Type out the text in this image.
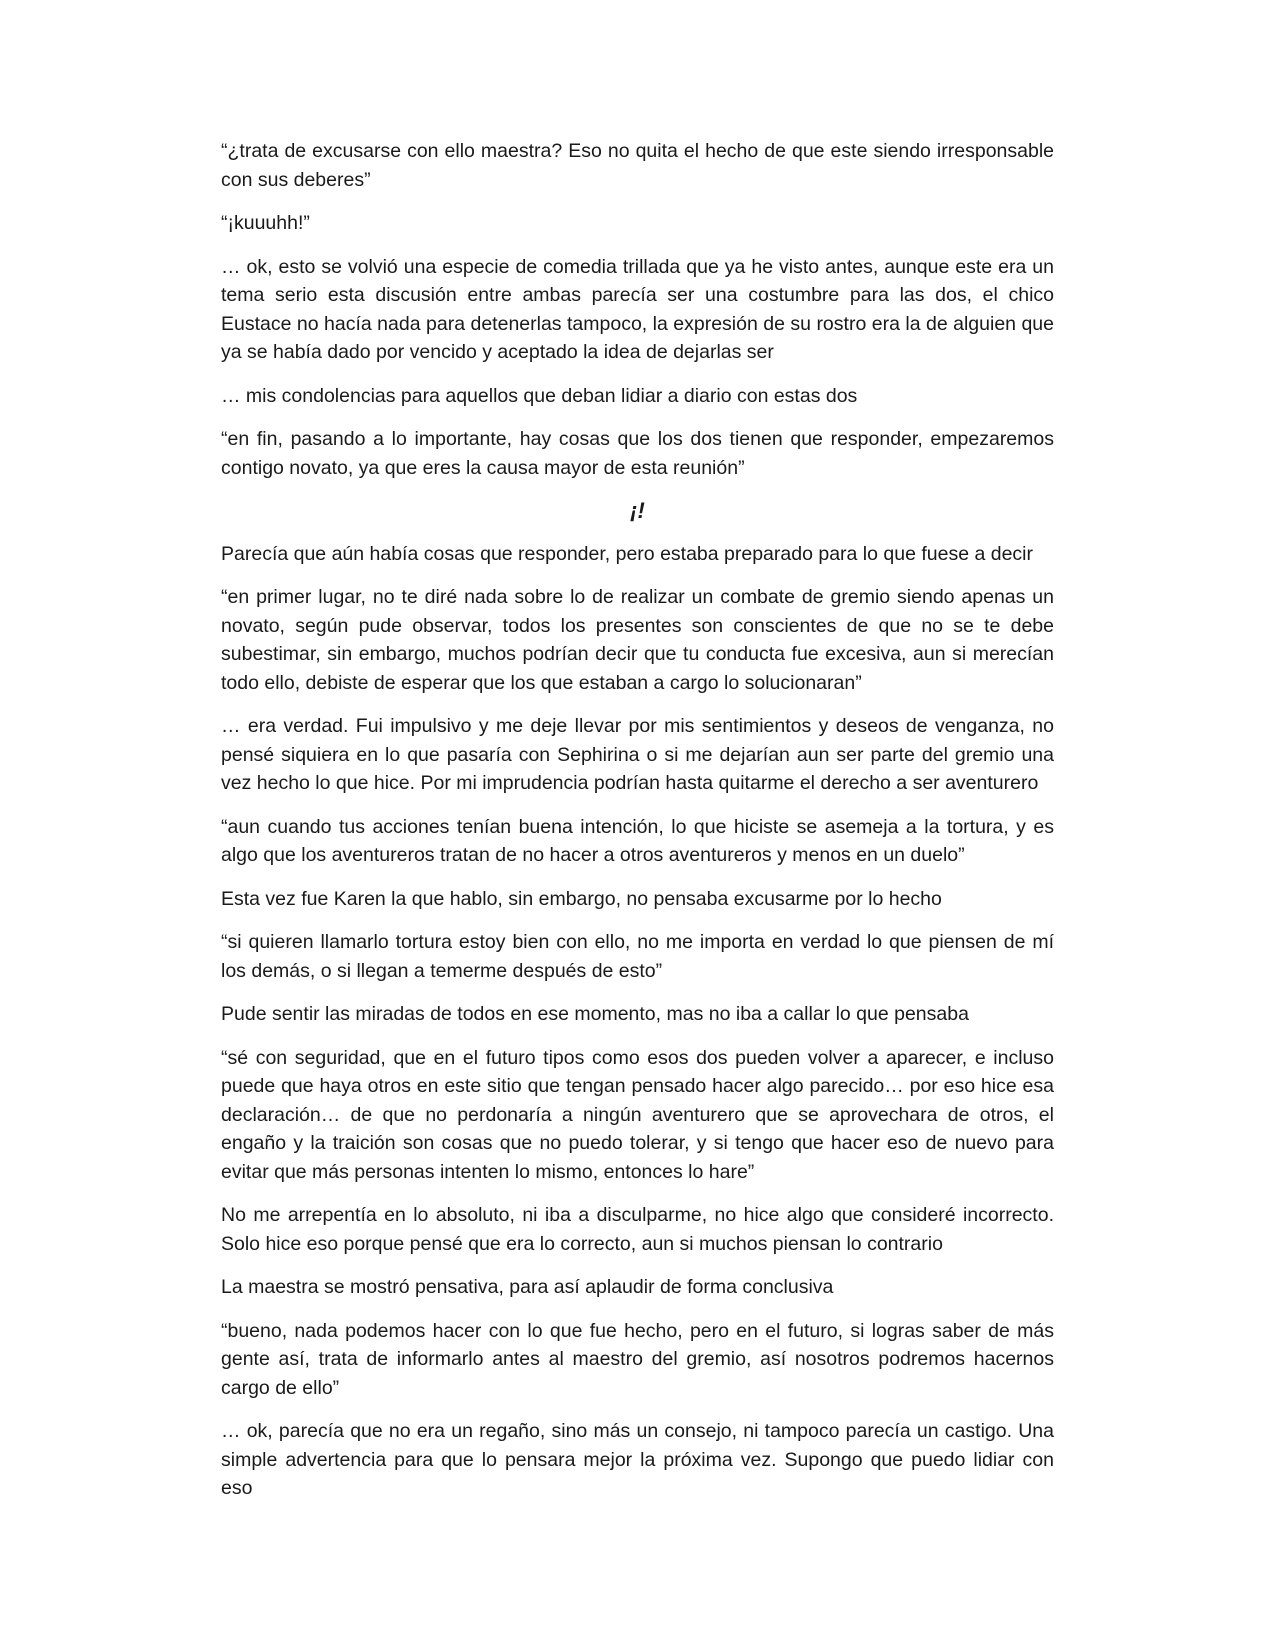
“¿trata de excusarse con ello maestra? Eso no quita el hecho de que este siendo irresponsable con sus deberes”

“¡kuuuhh!”

… ok, esto se volvió una especie de comedia trillada que ya he visto antes, aunque este era un tema serio esta discusión entre ambas parecía ser una costumbre para las dos, el chico Eustace no hacía nada para detenerlas tampoco, la expresión de su rostro era la de alguien que ya se había dado por vencido y aceptado la idea de dejarlas ser

… mis condolencias para aquellos que deban lidiar a diario con estas dos

“en fin, pasando a lo importante, hay cosas que los dos tienen que responder, empezaremos contigo novato, ya que eres la causa mayor de esta reunión”

¡!

Parecía que aún había cosas que responder, pero estaba preparado para lo que fuese a decir

“en primer lugar, no te diré nada sobre lo de realizar un combate de gremio siendo apenas un novato, según pude observar, todos los presentes son conscientes de que no se te debe subestimar, sin embargo, muchos podrían decir que tu conducta fue excesiva, aun si merecían todo ello, debiste de esperar que los que estaban a cargo lo solucionaran”

… era verdad. Fui impulsivo y me deje llevar por mis sentimientos y deseos de venganza, no pensé siquiera en lo que pasaría con Sephirina o si me dejarían aun ser parte del gremio una vez hecho lo que hice. Por mi imprudencia podrían hasta quitarme el derecho a ser aventurero

“aun cuando tus acciones tenían buena intención, lo que hiciste se asemeja a la tortura, y es algo que los aventureros tratan de no hacer a otros aventureros y menos en un duelo”

Esta vez fue Karen la que hablo, sin embargo, no pensaba excusarme por lo hecho

“si quieren llamarlo tortura estoy bien con ello, no me importa en verdad lo que piensen de mí los demás, o si llegan a temerme después de esto”

Pude sentir las miradas de todos en ese momento, mas no iba a callar lo que pensaba

“sé con seguridad, que en el futuro tipos como esos dos pueden volver a aparecer, e incluso puede que haya otros en este sitio que tengan pensado hacer algo parecido… por eso hice esa declaración… de que no perdonaría a ningún aventurero que se aprovechara de otros, el engaño y la traición son cosas que no puedo tolerar, y si tengo que hacer eso de nuevo para evitar que más personas intenten lo mismo, entonces lo hare”

No me arrepentía en lo absoluto, ni iba a disculparme, no hice algo que consideré incorrecto. Solo hice eso porque pensé que era lo correcto, aun si muchos piensan lo contrario

La maestra se mostró pensativa, para así aplaudir de forma conclusiva

“bueno, nada podemos hacer con lo que fue hecho, pero en el futuro, si logras saber de más gente así, trata de informarlo antes al maestro del gremio, así nosotros podremos hacernos cargo de ello”

… ok, parecía que no era un regaño, sino más un consejo, ni tampoco parecía un castigo. Una simple advertencia para que lo pensara mejor la próxima vez. Supongo que puedo lidiar con eso
